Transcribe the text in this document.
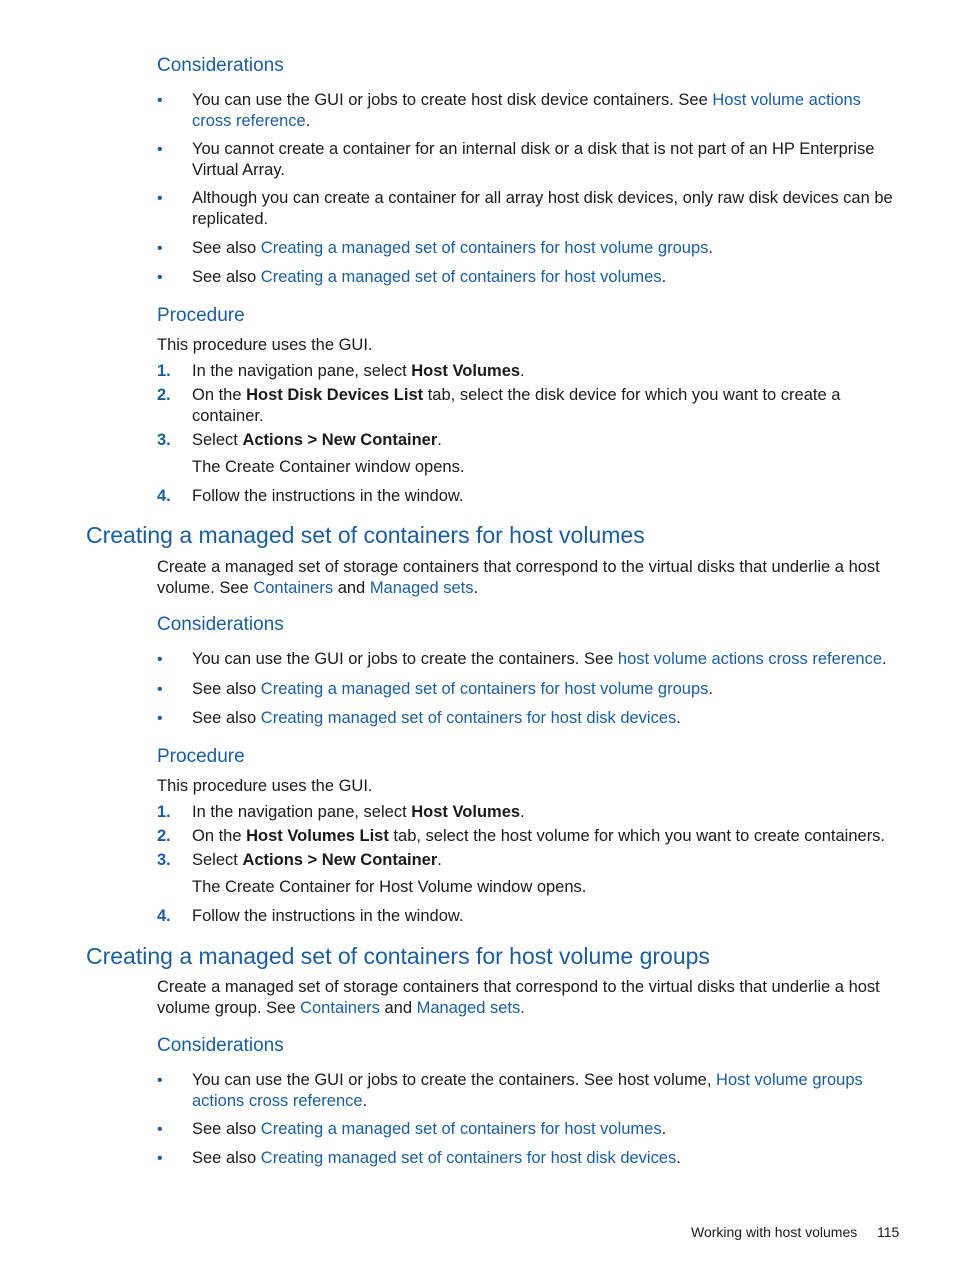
Considerations
• You can use the GUI or jobs to create host disk device containers. See Host volume actions cross reference.
• You cannot create a container for an internal disk or a disk that is not part of an HP Enterprise Virtual Array.
• Although you can create a container for all array host disk devices, only raw disk devices can be replicated.
• See also Creating a managed set of containers for host volume groups.
• See also Creating a managed set of containers for host volumes.
Procedure
This procedure uses the GUI.
1. In the navigation pane, select Host Volumes.
2. On the Host Disk Devices List tab, select the disk device for which you want to create a container.
3. Select Actions > New Container.
The Create Container window opens.
4. Follow the instructions in the window.
Creating a managed set of containers for host volumes
Create a managed set of storage containers that correspond to the virtual disks that underlie a host volume. See Containers and Managed sets.
Considerations
• You can use the GUI or jobs to create the containers. See host volume actions cross reference.
• See also Creating a managed set of containers for host volume groups.
• See also Creating managed set of containers for host disk devices.
Procedure
This procedure uses the GUI.
1. In the navigation pane, select Host Volumes.
2. On the Host Volumes List tab, select the host volume for which you want to create containers.
3. Select Actions > New Container.
The Create Container for Host Volume window opens.
4. Follow the instructions in the window.
Creating a managed set of containers for host volume groups
Create a managed set of storage containers that correspond to the virtual disks that underlie a host volume group. See Containers and Managed sets.
Considerations
• You can use the GUI or jobs to create the containers. See host volume, Host volume groups actions cross reference.
• See also Creating a managed set of containers for host volumes.
• See also Creating managed set of containers for host disk devices.
Working with host volumes 115
